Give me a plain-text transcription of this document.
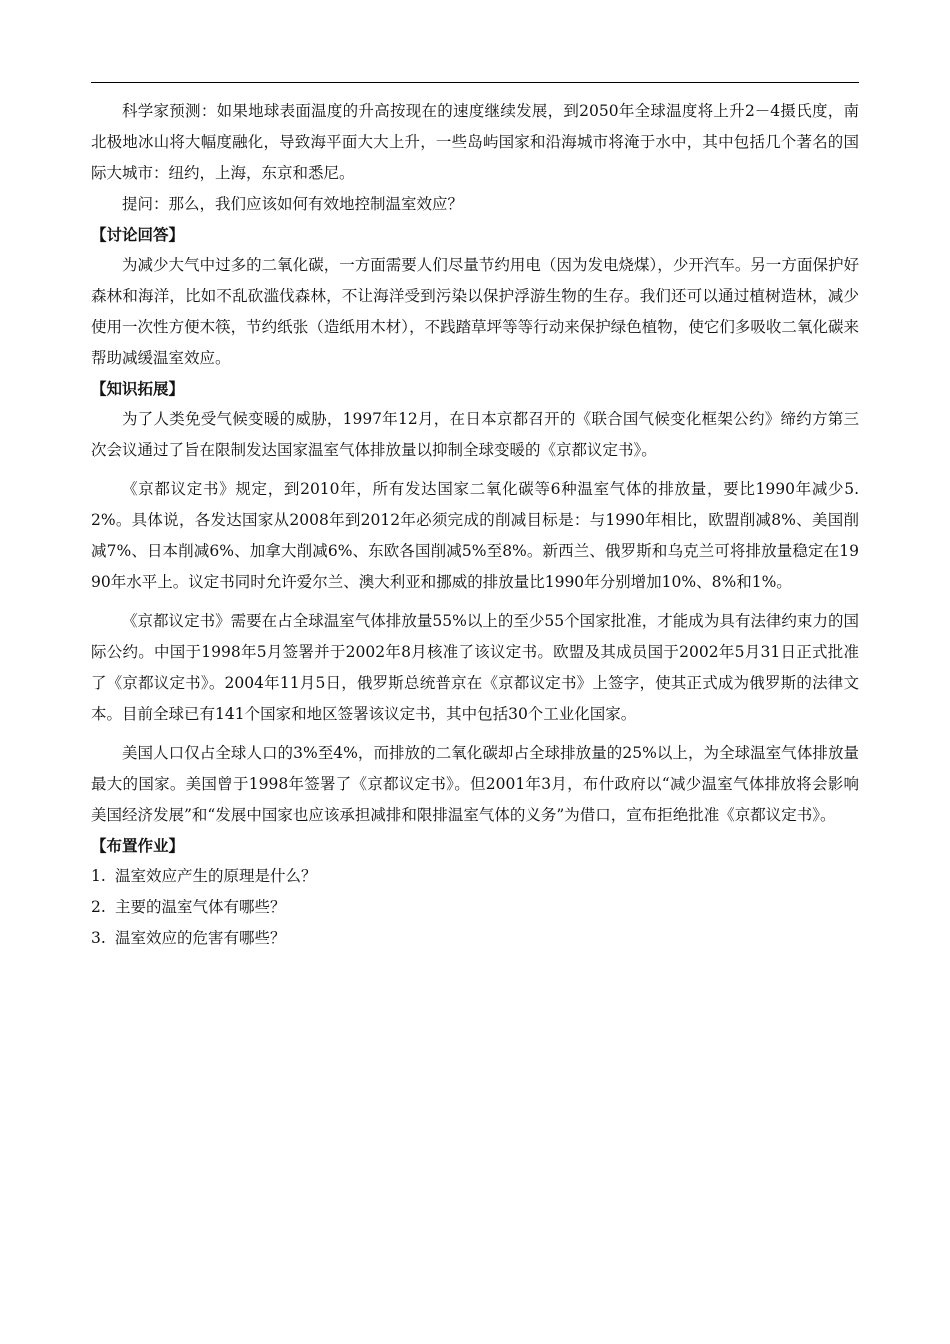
科学家预测：如果地球表面温度的升高按现在的速度继续发展，到2050年全球温度将上升2－4摄氏度，南北极地冰山将大幅度融化，导致海平面大大上升，一些岛屿国家和沿海城市将淹于水中，其中包括几个著名的国际大城市：纽约，上海，东京和悉尼。

提问：那么，我们应该如何有效地控制温室效应？

【讨论回答】

为减少大气中过多的二氧化碳，一方面需要人们尽量节约用电（因为发电烧煤），少开汽车。另一方面保护好森林和海洋，比如不乱砍滥伐森林，不让海洋受到污染以保护浮游生物的生存。我们还可以通过植树造林，减少使用一次性方便木筷，节约纸张（造纸用木材），不践踏草坪等等行动来保护绿色植物，使它们多吸收二氧化碳来帮助减缓温室效应。

【知识拓展】

为了人类免受气候变暖的威胁，1997年12月，在日本京都召开的《联合国气候变化框架公约》缔约方第三次会议通过了旨在限制发达国家温室气体排放量以抑制全球变暖的《京都议定书》。

《京都议定书》规定，到2010年，所有发达国家二氧化碳等6种温室气体的排放量，要比1990年减少5.2%。具体说，各发达国家从2008年到2012年必须完成的削减目标是：与1990年相比，欧盟削减8%、美国削减7%、日本削减6%、加拿大削减6%、东欧各国削减5%至8%。新西兰、俄罗斯和乌克兰可将排放量稳定在1990年水平上。议定书同时允许爱尔兰、澳大利亚和挪威的排放量比1990年分别增加10%、8%和1%。

《京都议定书》需要在占全球温室气体排放量55%以上的至少55个国家批准，才能成为具有法律约束力的国际公约。中国于1998年5月签署并于2002年8月核准了该议定书。欧盟及其成员国于2002年5月31日正式批准了《京都议定书》。2004年11月5日，俄罗斯总统普京在《京都议定书》上签字，使其正式成为俄罗斯的法律文本。目前全球已有141个国家和地区签署该议定书，其中包括30个工业化国家。

美国人口仅占全球人口的3%至4%，而排放的二氧化碳却占全球排放量的25%以上，为全球温室气体排放量最大的国家。美国曾于1998年签署了《京都议定书》。但2001年3月，布什政府以“减少温室气体排放将会影响美国经济发展”和“发展中国家也应该承担减排和限排温室气体的义务”为借口，宣布拒绝批准《京都议定书》。

【布置作业】
1. 温室效应产生的原理是什么？
2. 主要的温室气体有哪些？
3. 温室效应的危害有哪些？
